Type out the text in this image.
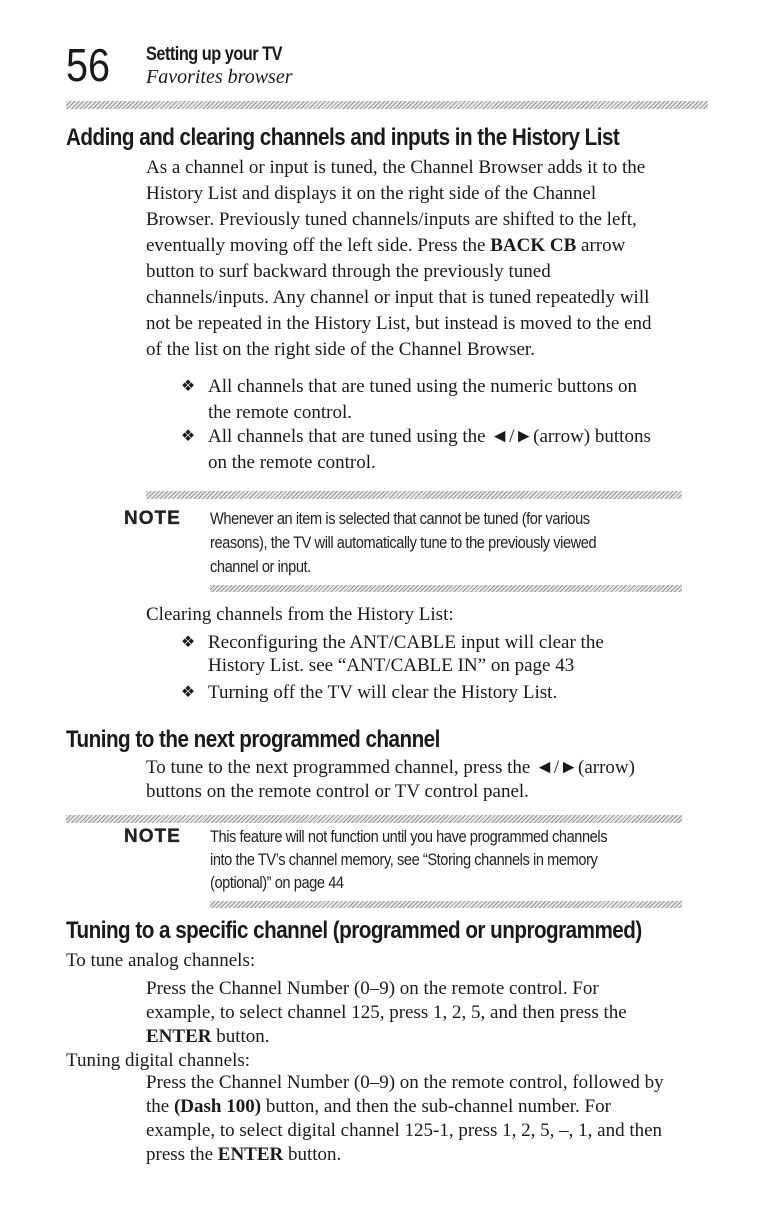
56 Setting up your TV
Favorites browser
Adding and clearing channels and inputs in the History List

As a channel or input is tuned, the Channel Browser adds it to the

History List and displays it on the right side of the Channel

Browser. Previously tuned channels/inputs are shifted to the left,

eventually moving off the left side. Press the BACK CB arrow

button to surf backward through the previously tuned

channels/inputs. Any channel or input that is tuned repeatedly will

not be repeated in the History List, but instead is moved to the end

of the list on the right side of the Channel Browser.

❖ All channels that are tuned using the numeric buttons on
the remote control.
❖ All channels that are tuned using the ◄/►(arrow) buttons
on the remote control.
NOTE Whenever an item is selected that cannot be tuned (for various
reasons), the TV will automatically tune to the previously viewed
channel or input.
Clearing channels from the History List:
❖ Reconfiguring the ANT/CABLE input will clear the
History List. see “ANT/CABLE IN” on page 43
❖ Turning off the TV will clear the History List.
Tuning to the next programmed channel

To tune to the next programmed channel, press the ◄/►(arrow)

buttons on the remote control or TV control panel.

NOTE This feature will not function until you have programmed channels
into the TV’s channel memory, see “Storing channels in memory
(optional)” on page 44
Tuning to a specific channel (programmed or unprogrammed)
To tune analog channels:

Press the Channel Number (0–9) on the remote control. For

example, to select channel 125, press 1, 2, 5, and then press the

ENTER button.

Tuning digital channels:

Press the Channel Number (0–9) on the remote control, followed by

the (Dash 100) button, and then the sub-channel number. For

example, to select digital channel 125-1, press 1, 2, 5, –, 1, and then

press the ENTER button.
